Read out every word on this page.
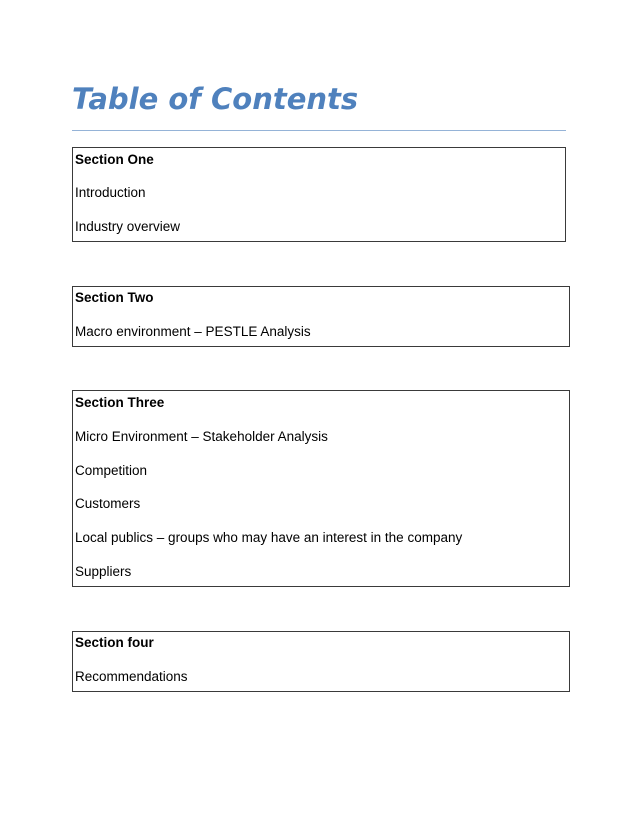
Table of Contents
Section One
Introduction
Industry overview
Section Two
Macro environment – PESTLE Analysis
Section Three
Micro Environment – Stakeholder Analysis
Competition
Customers
Local publics – groups who may have an interest in the company
Suppliers
Section four
Recommendations
